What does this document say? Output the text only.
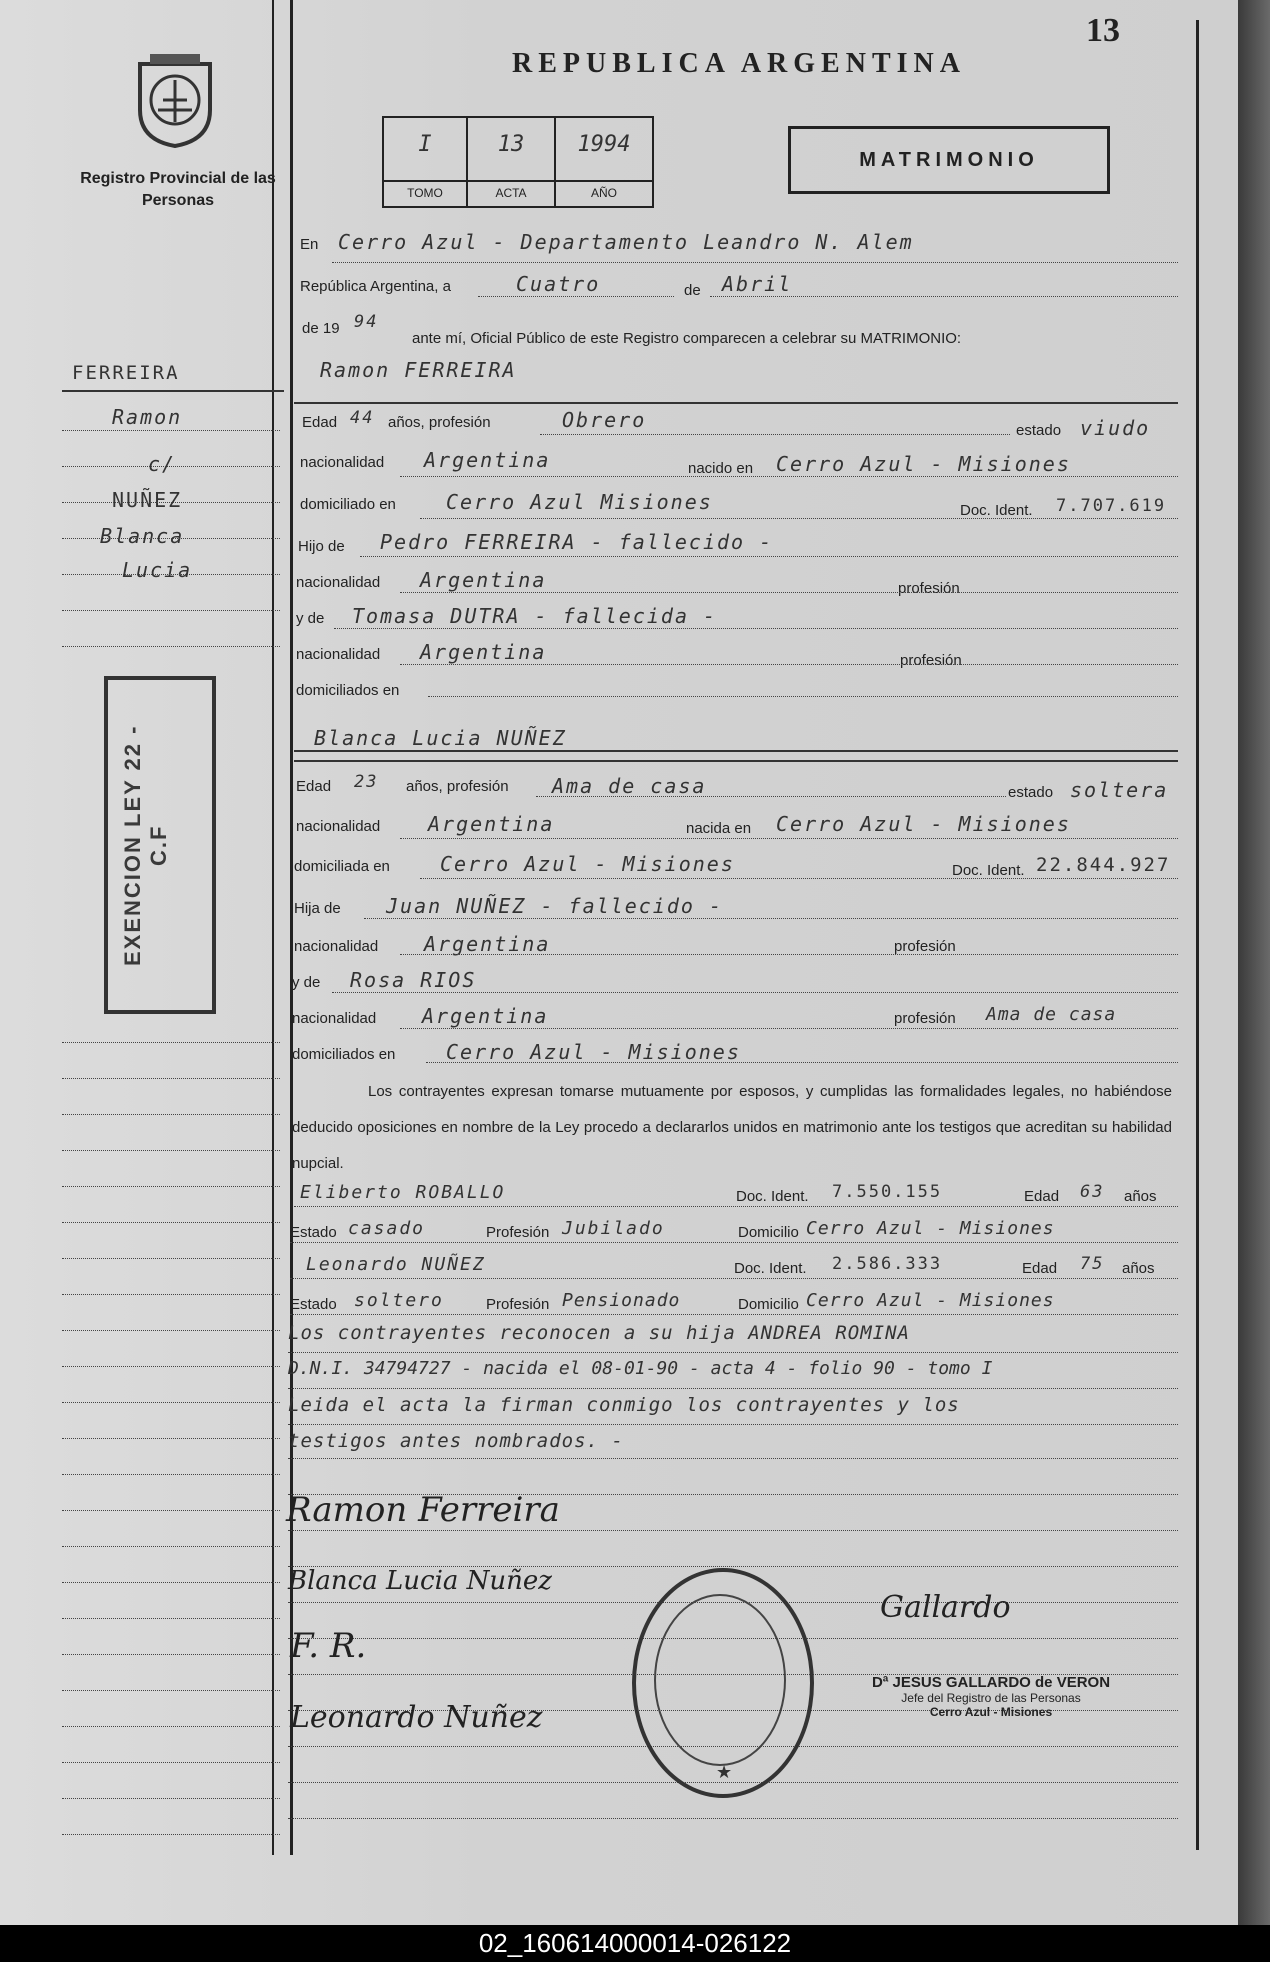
13
REPUBLICA ARGENTINA
Registro Provincial de las Personas
I
TOMO
13
ACTA
1994
AÑO
MATRIMONIO
FERREIRA
Ramon
c/
NUÑEZ
Blanca
Lucia
EXENCION LEY 22 - C.F
En Cerro Azul - Departamento Leandro N. Alem
República Argentina, a	Cuatro	de Abril
de 19 94
ante mí, Oficial Público de este Registro comparecen a celebrar su MATRIMONIO:
Ramon FERREIRA
Edad 44 años, profesión	Obrero	estado viudo
nacionalidad Argentina	nacido en Cerro Azul - Misiones
domiciliado en	Cerro Azul Misiones	Doc. Ident. 7.707.619
Hijo de Pedro FERREIRA - fallecido -
nacionalidad Argentina	profesión
y de Tomasa DUTRA - fallecida -
nacionalidad Argentina	profesión
domiciliados en
Blanca Lucia NUÑEZ
Edad 23 años, profesión Ama de casa	estado soltera
nacionalidad Argentina	nacida en Cerro Azul - Misiones
domiciliada en	Cerro Azul - Misiones	Doc. Ident. 22.844.927
Hija de Juan NUÑEZ - fallecido -
nacionalidad Argentina	profesión
y de Rosa RIOS
nacionalidad Argentina	profesión Ama de casa
domiciliados en	Cerro Azul - Misiones
Los contrayentes expresan tomarse mutuamente por esposos, y cumplidas las formalidades legales, no habiéndose deducido oposiciones en nombre de la Ley procedo a declararlos unidos en matrimonio ante los testigos que acreditan su habilidad nupcial.
Eliberto ROBALLO	Doc. Ident. 7.550.155	Edad 63 años
Estado casado	Profesión Jubilado	Domicilio Cerro Azul - Misiones
Leonardo NUÑEZ	Doc. Ident. 2.586.333	Edad 75 años
Estado soltero	Profesión Pensionado	Domicilio Cerro Azul - Misiones
Los contrayentes reconocen a su hija ANDREA ROMINA
D.N.I. 34794727 - nacida el 08-01-90 - acta 4 - folio 90 - tomo I
Leida el acta la firman conmigo los contrayentes y los
testigos antes nombrados. -
Ramon Ferreira
Blanca Lucia Nuñez
F. R.
Leonardo Nuñez
Gallardo
★
Dª JESUS GALLARDO de VERON
Jefe del Registro de las Personas
Cerro Azul - Misiones
02_160614000014-026122
